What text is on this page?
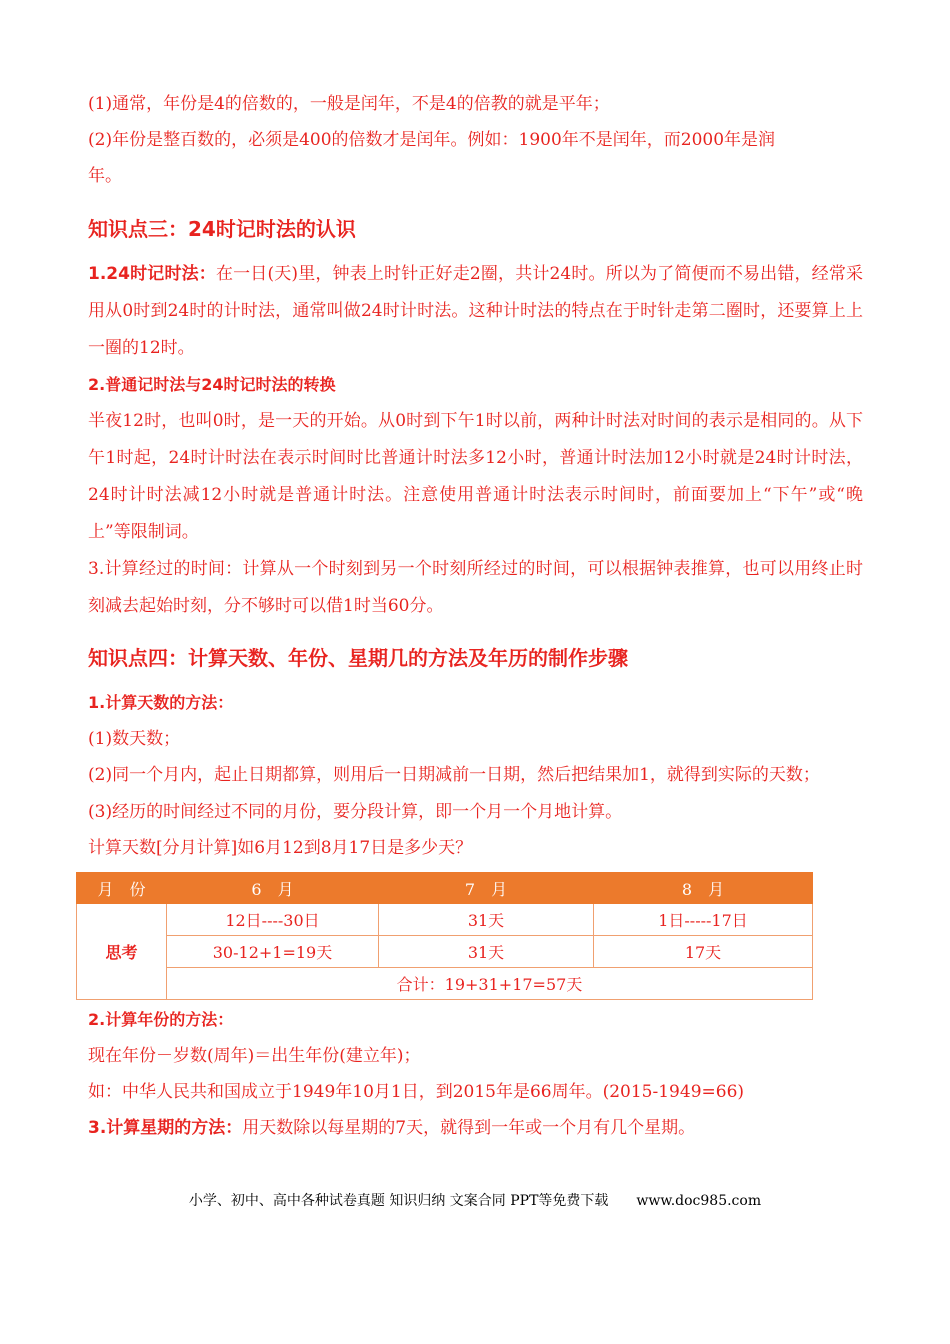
(1)通常，年份是4的倍数的，一般是闰年，不是4的倍教的就是平年；

(2)年份是整百数的，必须是400的倍数才是闰年。例如：1900年不是闰年，而2000年是润

年。

知识点三：24时记时法的认识

1.24时记时法：在一日(天)里，钟表上时针正好走2圈，共计24时。所以为了简便而不易出错，经常采用从0时到24时的计时法，通常叫做24时计时法。这种计时法的特点在于时针走第二圈时，还要算上上一圈的12时。

2.普通记时法与24时记时法的转换

半夜12时，也叫0时，是一天的开始。从0时到下午1时以前，两种计时法对时间的表示是相同的。从下午1时起，24时计时法在表示时间时比普通计时法多12小时，普通计时法加12小时就是24时计时法，24时计时法减12小时就是普通计时法。注意使用普通计时法表示时间时，前面要加上“下午”或“晚上”等限制词。

3.计算经过的时间：计算从一个时刻到另一个时刻所经过的时间，可以根据钟表推算，也可以用终止时刻减去起始时刻，分不够时可以借1时当60分。

知识点四：计算天数、年份、星期几的方法及年历的制作步骤

1.计算天数的方法：

(1)数天数；

(2)同一个月内，起止日期都算，则用后一日期减前一日期，然后把结果加1，就得到实际的天数；

(3)经历的时间经过不同的月份，要分段计算，即一个月一个月地计算。

计算天数[分月计算]如6月12到8月17日是多少天？

月　份	6　月	7　月	8　月
思考	12日----30日	31天	1日-----17日
	30-12+1=19天	31天	17天
	合计：19+31+17=57天		

2.计算年份的方法：

现在年份－岁数(周年)＝出生年份(建立年)；

如：中华人民共和国成立于1949年10月1日，到2015年是66周年。(2015-1949=66)

3.计算星期的方法：用天数除以每星期的7天，就得到一年或一个月有几个星期。

小学、初中、高中各种试卷真题 知识归纳 文案合同 PPT等免费下载　　www.doc985.com
